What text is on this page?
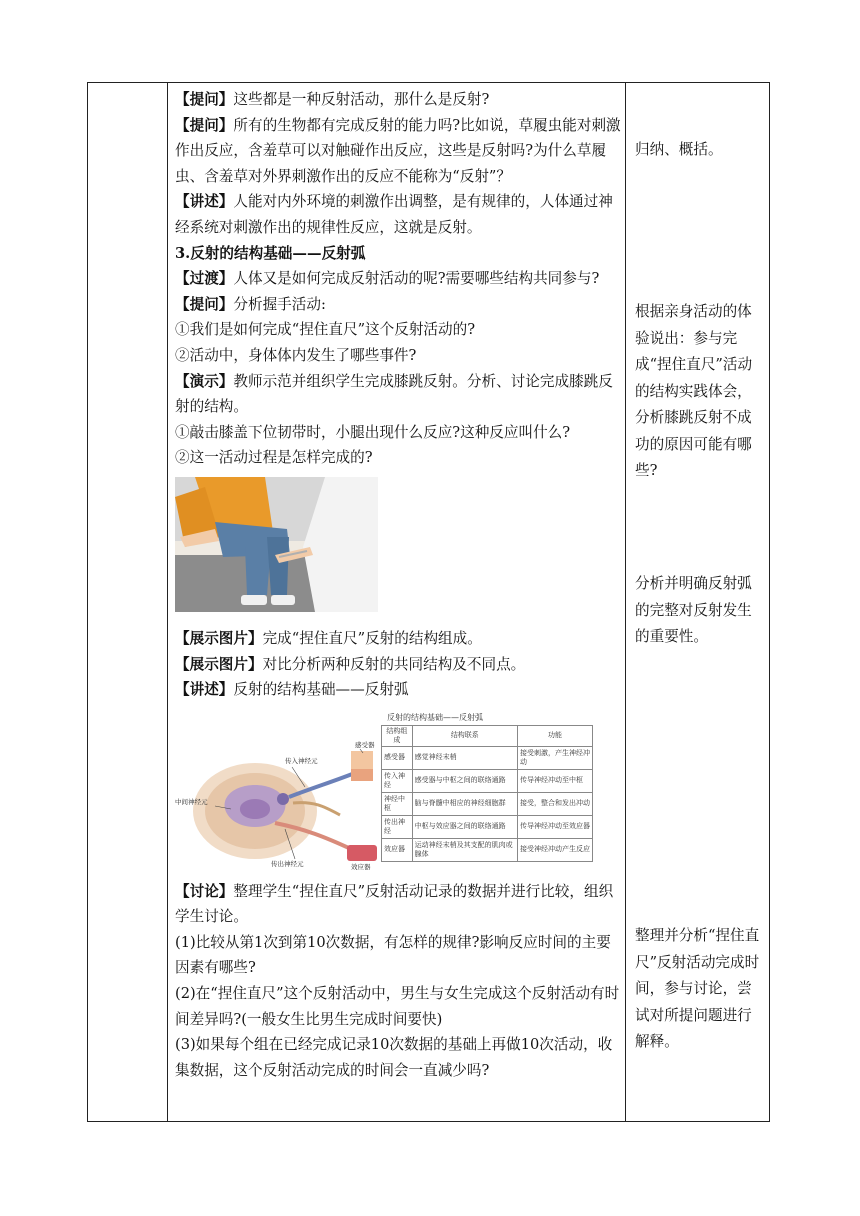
【提问】这些都是一种反射活动，那什么是反射?

【提问】所有的生物都有完成反射的能力吗?比如说，草履虫能对刺激作出反应，含羞草可以对触碰作出反应，这些是反射吗?为什么草履虫、含羞草对外界刺激作出的反应不能称为“反射”？

【讲述】人能对内外环境的刺激作出调整，是有规律的，人体通过神经系统对刺激作出的规律性反应，这就是反射。

3.反射的结构基础——反射弧

【过渡】人体又是如何完成反射活动的呢?需要哪些结构共同参与?

【提问】分析握手活动:

①我们是如何完成“捏住直尺”这个反射活动的?

②活动中，身体体内发生了哪些事件?

【演示】教师示范并组织学生完成膝跳反射。分析、讨论完成膝跳反射的结构。

①敲击膝盖下位韧带时，小腿出现什么反应?这种反应叫什么?

②这一活动过程是怎样完成的?

【展示图片】完成“捏住直尺”反射的结构组成。

【展示图片】对比分析两种反射的共同结构及不同点。

【讲述】反射的结构基础——反射弧

传入神经元
感受器
中间神经元
传出神经元	效应器
反射的结构基础——反射弧
结构组成	结构联系	功能
感受器	感觉神经末梢	接受刺激，产生神经冲动
传入神经	感受器与中枢之间的联络通路	传导神经冲动至中枢
神经中枢	脑与脊髓中相应的神经细胞群	接受，整合和发出冲动
传出神经	中枢与效应器之间的联络通路	传导神经冲动至效应器
效应器	运动神经末梢及其支配的肌肉或腺体	接受神经冲动产生反应

【讨论】整理学生“捏住直尺”反射活动记录的数据并进行比较，组织学生讨论。

(1)比较从第1次到第10次数据，有怎样的规律?影响反应时间的主要因素有哪些?

(2)在“捏住直尺”这个反射活动中，男生与女生完成这个反射活动有时间差异吗?(一般女生比男生完成时间要快)

(3)如果每个组在已经完成记录10次数据的基础上再做10次活动，收集数据，这个反射活动完成的时间会一直减少吗?

归纳、概括。

根据亲身活动的体验说出：参与完成“捏住直尺”活动的结构实践体会，分析膝跳反射不成功的原因可能有哪些?

分析并明确反射弧的完整对反射发生的重要性。

整理并分析“捏住直尺”反射活动完成时间，参与讨论，尝试对所提问题进行解释。
